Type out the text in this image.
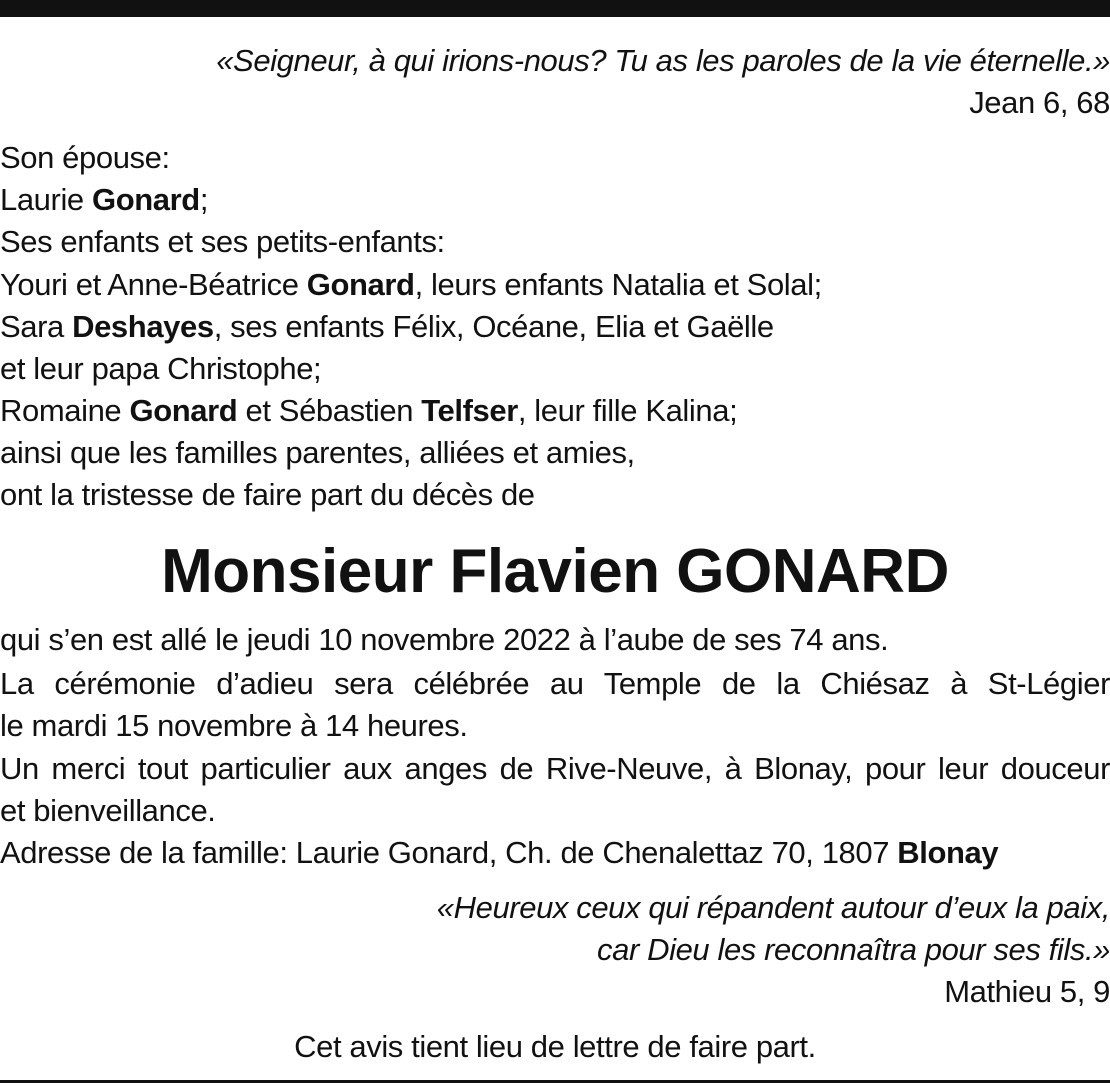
«Seigneur, à qui irions-nous? Tu as les paroles de la vie éternelle.»
Jean 6, 68
Son épouse:
Laurie Gonard;
Ses enfants et ses petits-enfants:
Youri et Anne-Béatrice Gonard, leurs enfants Natalia et Solal;
Sara Deshayes, ses enfants Félix, Océane, Elia et Gaëlle
et leur papa Christophe;
Romaine Gonard et Sébastien Telfser, leur fille Kalina;
ainsi que les familles parentes, alliées et amies,
ont la tristesse de faire part du décès de
Monsieur Flavien GONARD
qui s’en est allé le jeudi 10 novembre 2022 à l’aube de ses 74 ans.
La cérémonie d’adieu sera célébrée au Temple de la Chiésaz à St-Légier
le mardi 15 novembre à 14 heures.
Un merci tout particulier aux anges de Rive-Neuve, à Blonay, pour leur douceur
et bienveillance.
Adresse de la famille: Laurie Gonard, Ch. de Chenalettaz 70, 1807 Blonay
«Heureux ceux qui répandent autour d’eux la paix,
car Dieu les reconnaîtra pour ses fils.»
Mathieu 5, 9
Cet avis tient lieu de lettre de faire part.
